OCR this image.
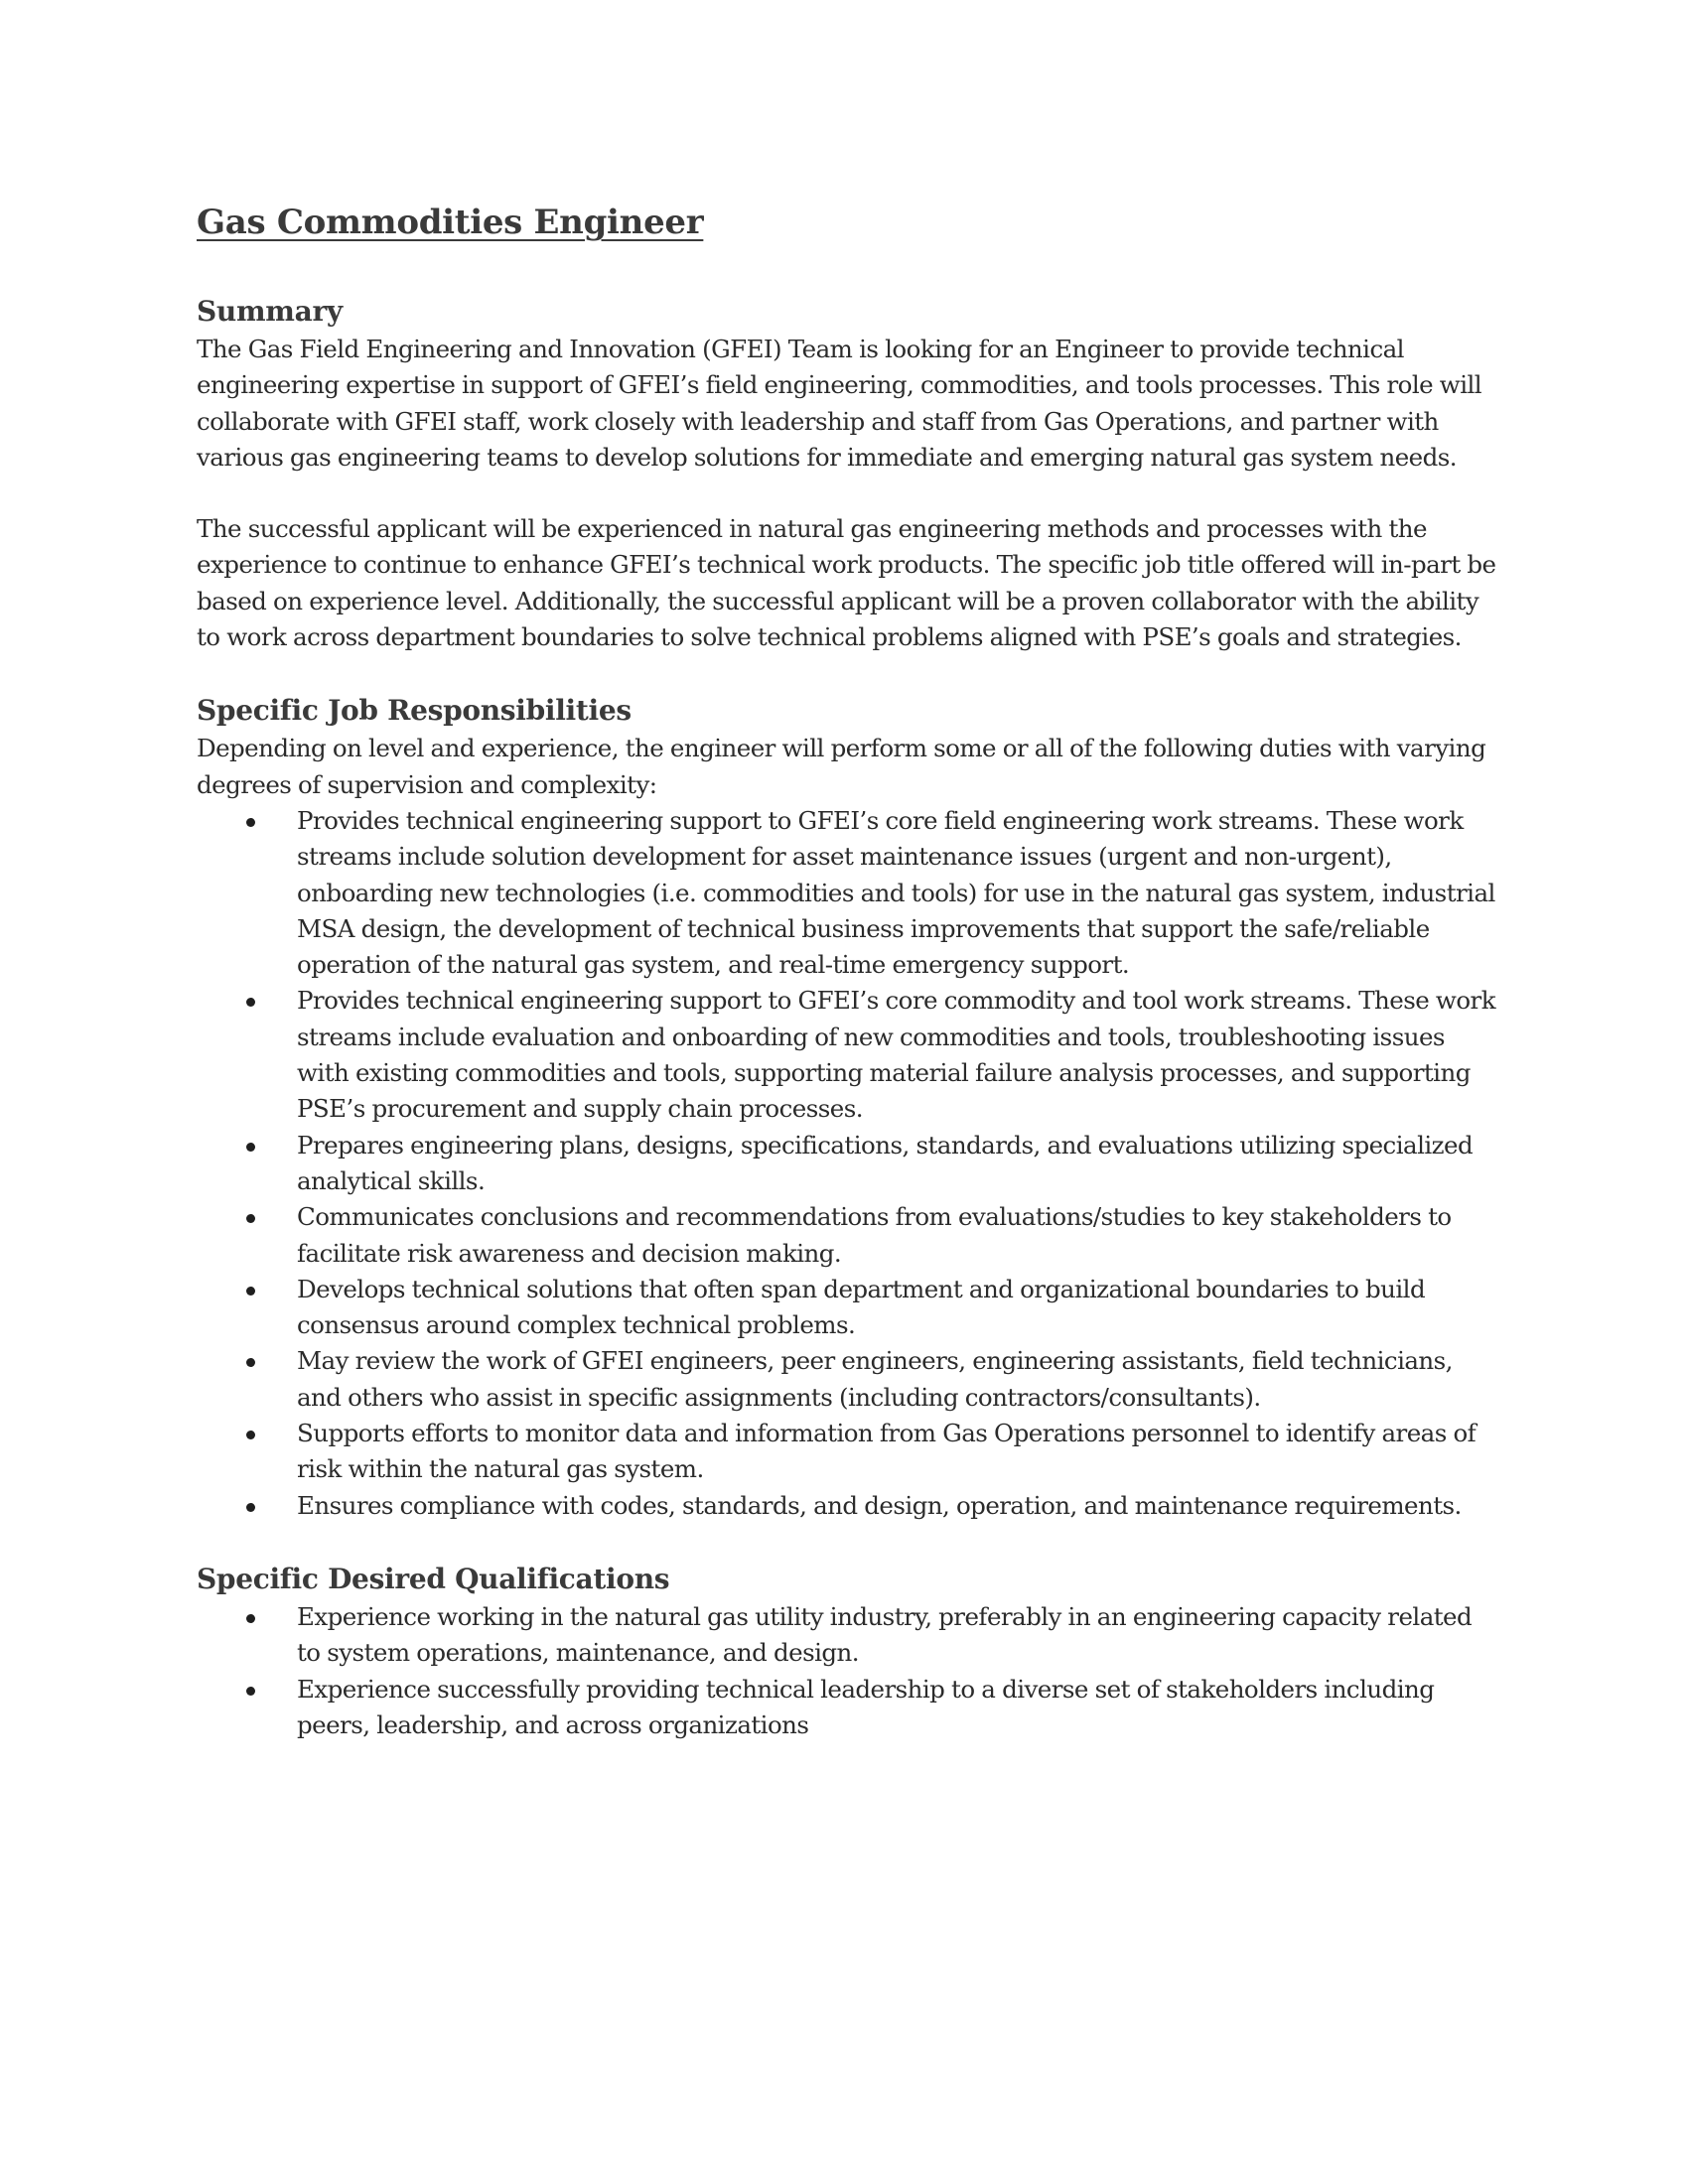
Gas Commodities Engineer
Summary

The Gas Field Engineering and Innovation (GFEI) Team is looking for an Engineer to provide technical engineering expertise in support of GFEI’s field engineering, commodities, and tools processes. This role will collaborate with GFEI staff, work closely with leadership and staff from Gas Operations, and partner with various gas engineering teams to develop solutions for immediate and emerging natural gas system needs.

The successful applicant will be experienced in natural gas engineering methods and processes with the experience to continue to enhance GFEI’s technical work products. The specific job title offered will in-part be based on experience level. Additionally, the successful applicant will be a proven collaborator with the ability to work across department boundaries to solve technical problems aligned with PSE’s goals and strategies.

Specific Job Responsibilities

Depending on level and experience, the engineer will perform some or all of the following duties with varying degrees of supervision and complexity:

Provides technical engineering support to GFEI’s core field engineering work streams. These work streams include solution development for asset maintenance issues (urgent and non-urgent), onboarding new technologies (i.e. commodities and tools) for use in the natural gas system, industrial MSA design, the development of technical business improvements that support the safe/reliable operation of the natural gas system, and real-time emergency support.
Provides technical engineering support to GFEI’s core commodity and tool work streams. These work streams include evaluation and onboarding of new commodities and tools, troubleshooting issues with existing commodities and tools, supporting material failure analysis processes, and supporting PSE’s procurement and supply chain processes.
Prepares engineering plans, designs, specifications, standards, and evaluations utilizing specialized analytical skills.
Communicates conclusions and recommendations from evaluations/studies to key stakeholders to facilitate risk awareness and decision making.
Develops technical solutions that often span department and organizational boundaries to build consensus around complex technical problems.
May review the work of GFEI engineers, peer engineers, engineering assistants, field technicians, and others who assist in specific assignments (including contractors/consultants).
Supports efforts to monitor data and information from Gas Operations personnel to identify areas of risk within the natural gas system.
Ensures compliance with codes, standards, and design, operation, and maintenance requirements.
Specific Desired Qualifications
Experience working in the natural gas utility industry, preferably in an engineering capacity related to system operations, maintenance, and design.
Experience successfully providing technical leadership to a diverse set of stakeholders including peers, leadership, and across organizations
